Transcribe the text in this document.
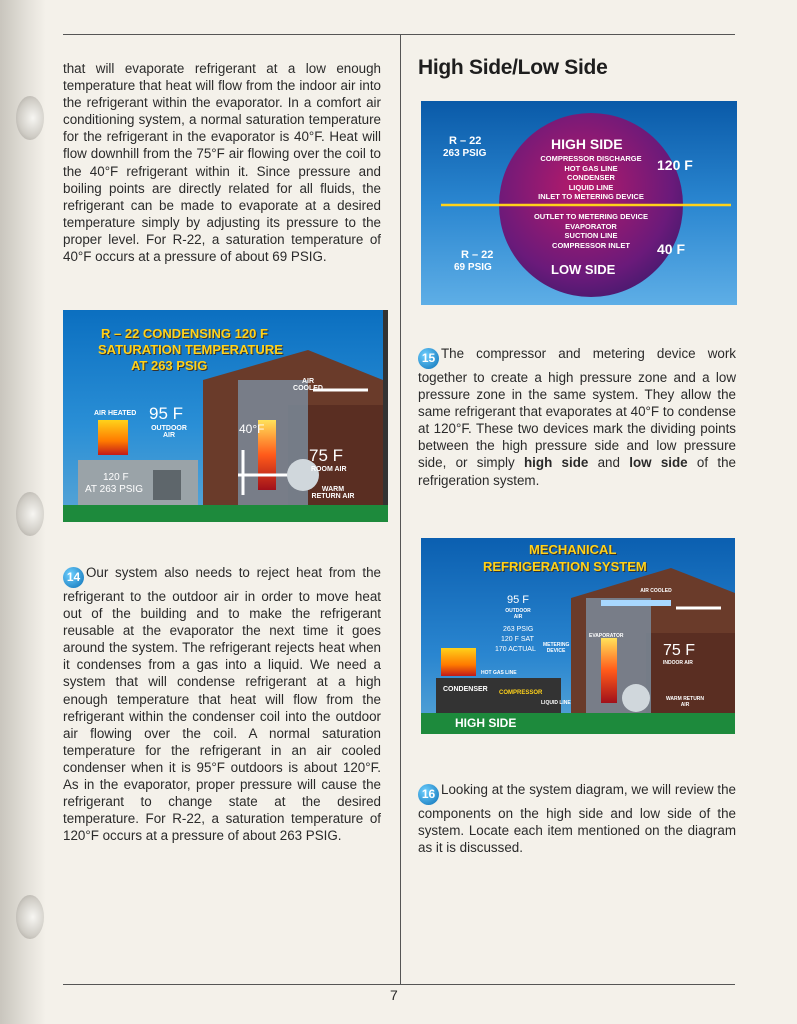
that will evaporate refrigerant at a low enough temperature that heat will flow from the indoor air into the refrigerant within the evaporator. In a comfort air conditioning system, a normal saturation temperature for the refrigerant in the evaporator is 40°F. Heat will flow downhill from the 75°F air flowing over the coil to the 40°F refrigerant within it. Since pressure and boiling points are directly related for all fluids, the refrigerant can be made to evaporate at a desired temperature simply by adjusting its pressure to the proper level. For R-22, a saturation temperature of 40°F occurs at a pressure of about 69 PSIG.
R – 22 CONDENSING 120 F
SATURATION TEMPERATURE
AT 263 PSIG
AIR HEATED 95 F
OUTDOOR AIR
AIR COOLED
40°F
75 F
ROOM AIR
120 F
AT 263 PSIG	WARM RETURN AIR
14 Our system also needs to reject heat from the refrigerant to the outdoor air in order to move heat out of the building and to make the refrigerant reusable at the evaporator the next time it goes around the system. The refrigerant rejects heat when it condenses from a gas into a liquid. We need a system that will condense refrigerant at a high enough temperature that heat will flow from the refrigerant within the condenser coil into the outdoor air flowing over the coil. A normal saturation temperature for the refrigerant in an air cooled condenser when it is 95°F outdoors is about 120°F. As in the evaporator, proper pressure will cause the refrigerant to change state at the desired temperature. For R-22, a saturation temperature of 120°F occurs at a pressure of about 263 PSIG.
High Side/Low Side
R – 22
263 PSIG
HIGH SIDE
COMPRESSOR DISCHARGE
HOT GAS LINE
CONDENSER
LIQUID LINE
INLET TO METERING DEVICE
120 F
OUTLET TO METERING DEVICE
EVAPORATOR
SUCTION LINE
COMPRESSOR INLET	40 F
R – 22
69 PSIG	LOW SIDE
15 The compressor and metering device work together to create a high pressure zone and a low pressure zone in the same system. They allow the same refrigerant that evaporates at 40°F to condense at 120°F. These two devices mark the dividing points between the high pressure side and low pressure side, or simply high side and low side of the refrigeration system.
MECHANICAL
REFRIGERATION SYSTEM
95 F
OUTDOOR AIR
263 PSIG
120 F SAT
170 ACTUAL
METERING DEVICE
EVAPORATOR
AIR COOLED
75 F
INDOOR AIR
HOT GAS LINE
CONDENSER COMPRESSOR
LIQUID LINE
WARM RETURN AIR
HIGH SIDE
16 Looking at the system diagram, we will review the components on the high side and low side of the system. Locate each item mentioned on the diagram as it is discussed.
7
